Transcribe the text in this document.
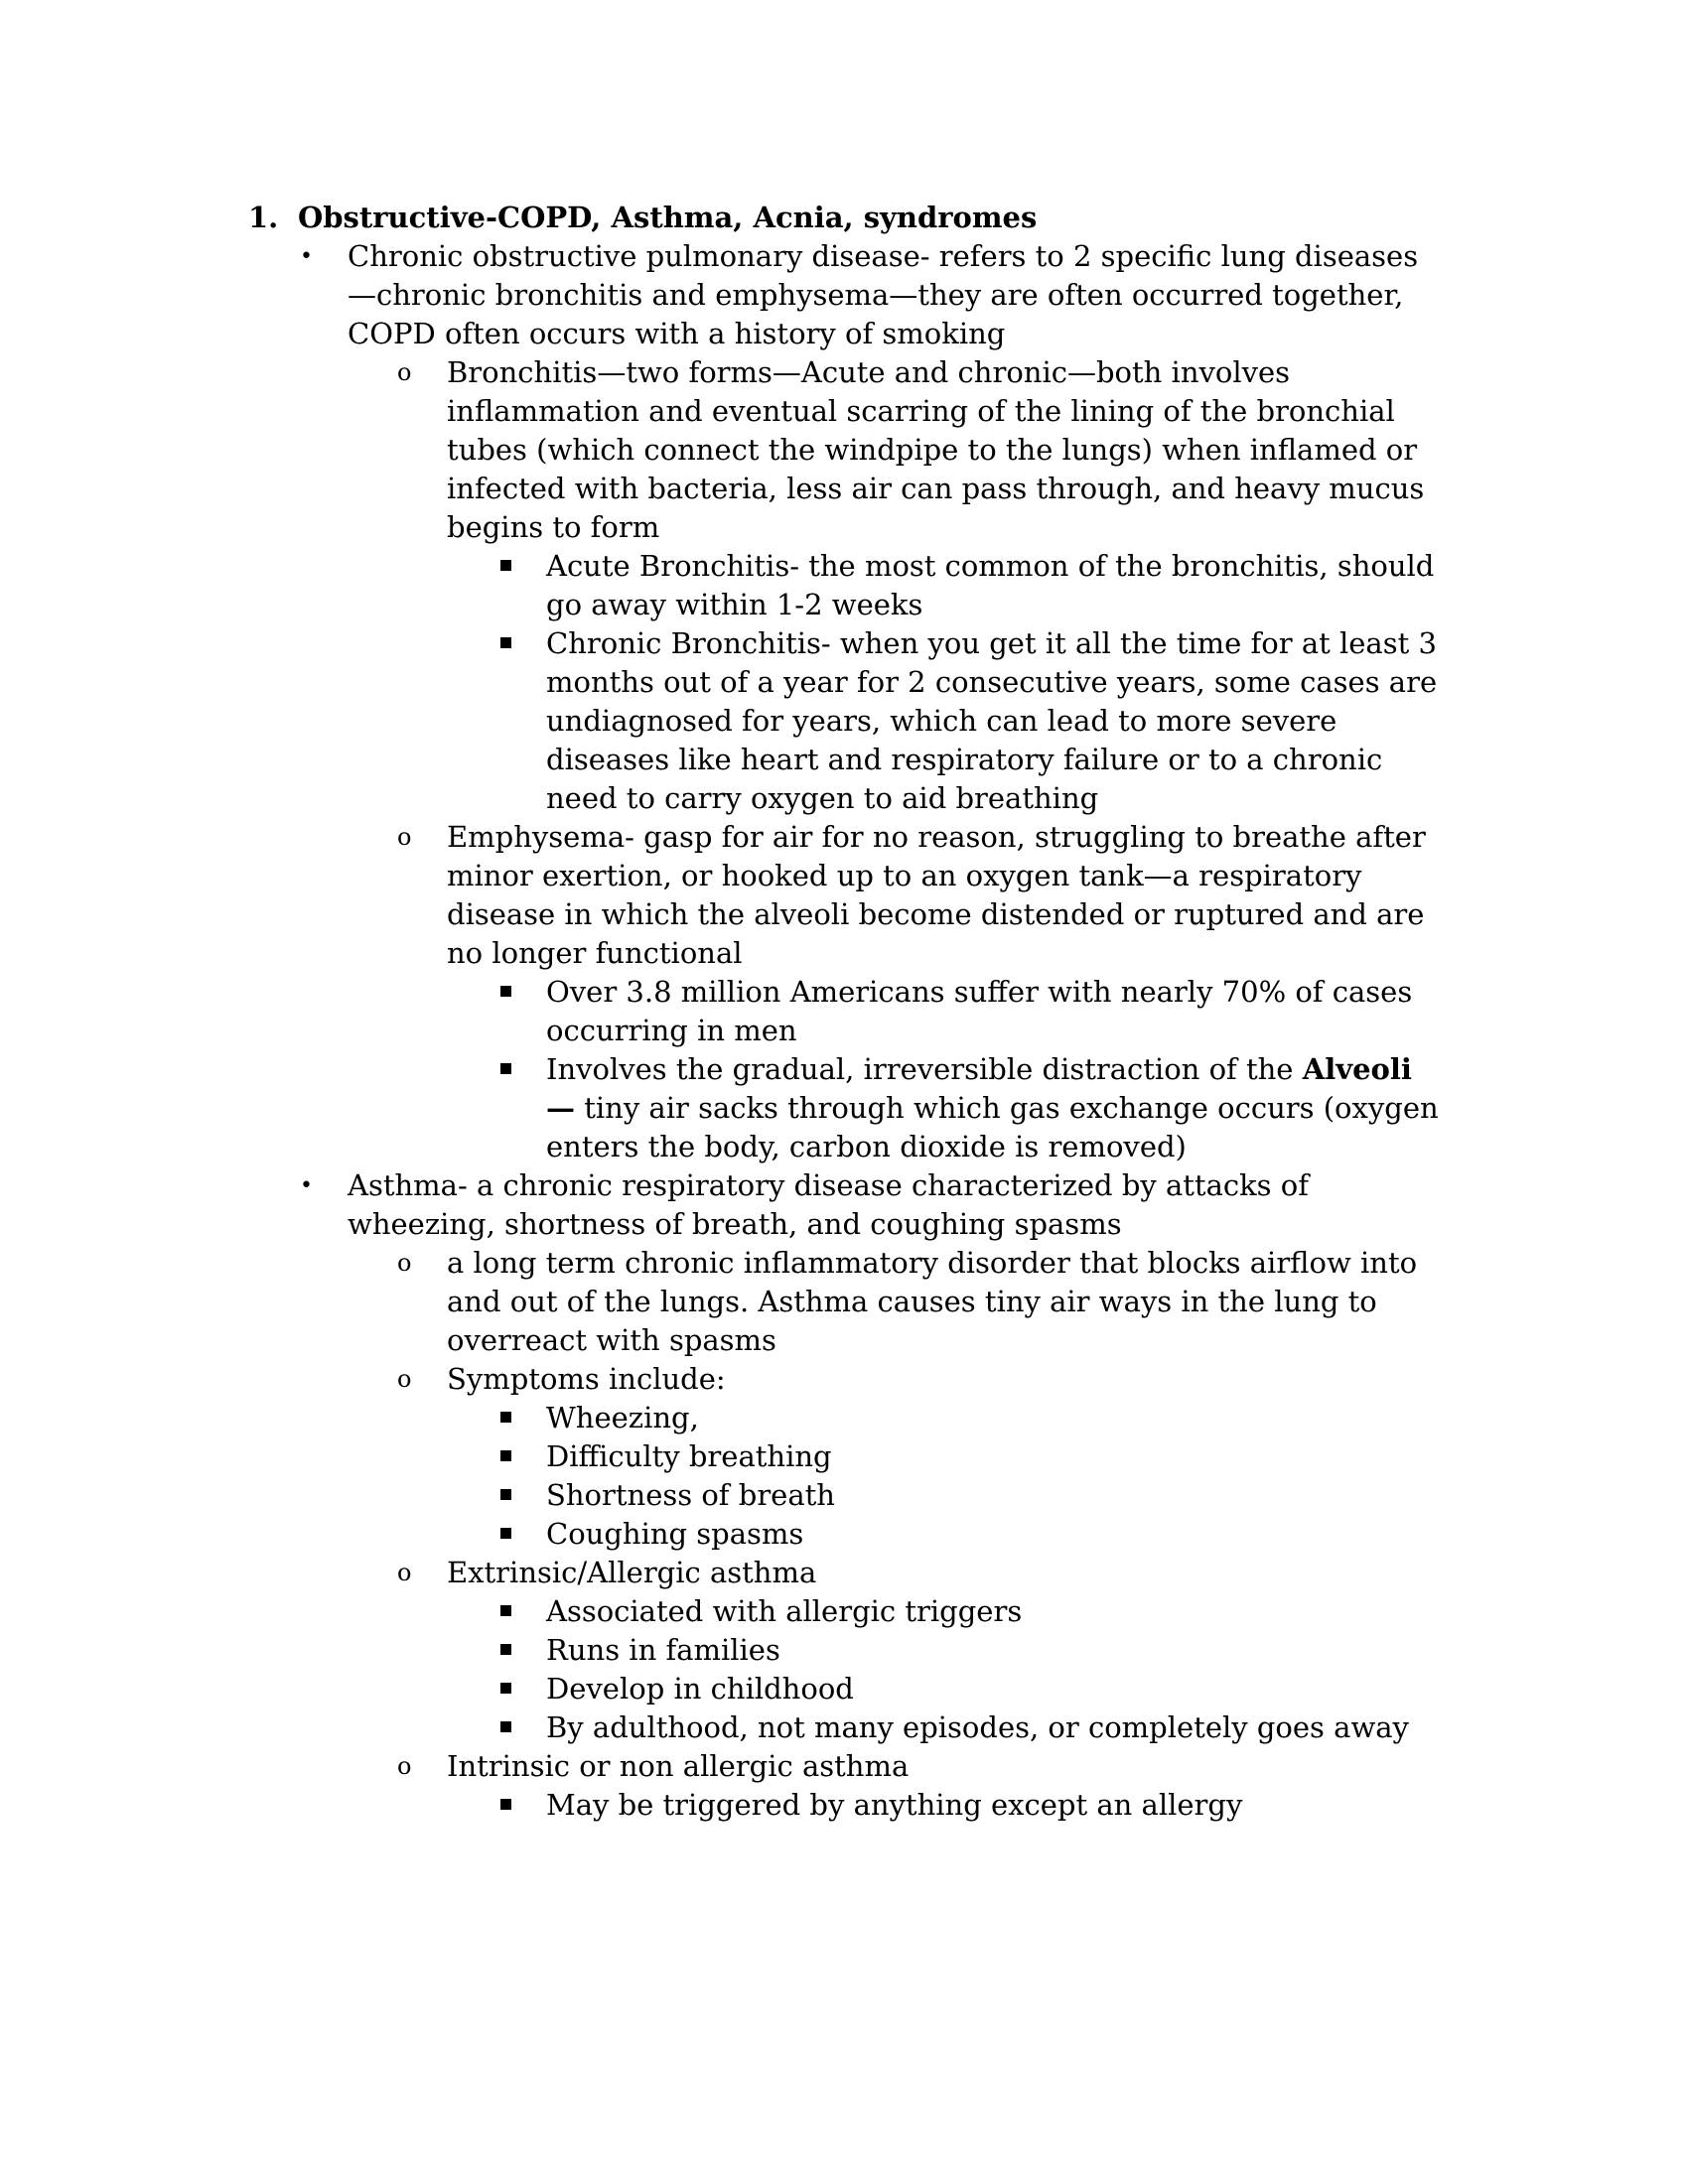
1. Obstructive-COPD, Asthma, Acnia, syndromes
• Chronic obstructive pulmonary disease- refers to 2 specific lung diseases—chronic bronchitis and emphysema—they are often occurred together, COPD often occurs with a history of smoking
o Bronchitis—two forms—Acute and chronic—both involves inflammation and eventual scarring of the lining of the bronchial tubes (which connect the windpipe to the lungs) when inflamed or infected with bacteria, less air can pass through, and heavy mucus begins to form
Acute Bronchitis- the most common of the bronchitis, should go away within 1-2 weeks
Chronic Bronchitis- when you get it all the time for at least 3 months out of a year for 2 consecutive years, some cases are undiagnosed for years, which can lead to more severe diseases like heart and respiratory failure or to a chronic need to carry oxygen to aid breathing
o Emphysema- gasp for air for no reason, struggling to breathe after minor exertion, or hooked up to an oxygen tank—a respiratory disease in which the alveoli become distended or ruptured and are no longer functional
Over 3.8 million Americans suffer with nearly 70% of cases occurring in men
Involves the gradual, irreversible distraction of the Alveoli— tiny air sacks through which gas exchange occurs (oxygen enters the body, carbon dioxide is removed)
• Asthma- a chronic respiratory disease characterized by attacks of wheezing, shortness of breath, and coughing spasms
o a long term chronic inflammatory disorder that blocks airflow into and out of the lungs. Asthma causes tiny air ways in the lung to overreact with spasms
o Symptoms include:
Wheezing,
Difficulty breathing
Shortness of breath
Coughing spasms
o Extrinsic/Allergic asthma
Associated with allergic triggers
Runs in families
Develop in childhood
By adulthood, not many episodes, or completely goes away
o Intrinsic or non allergic asthma
May be triggered by anything except an allergy
